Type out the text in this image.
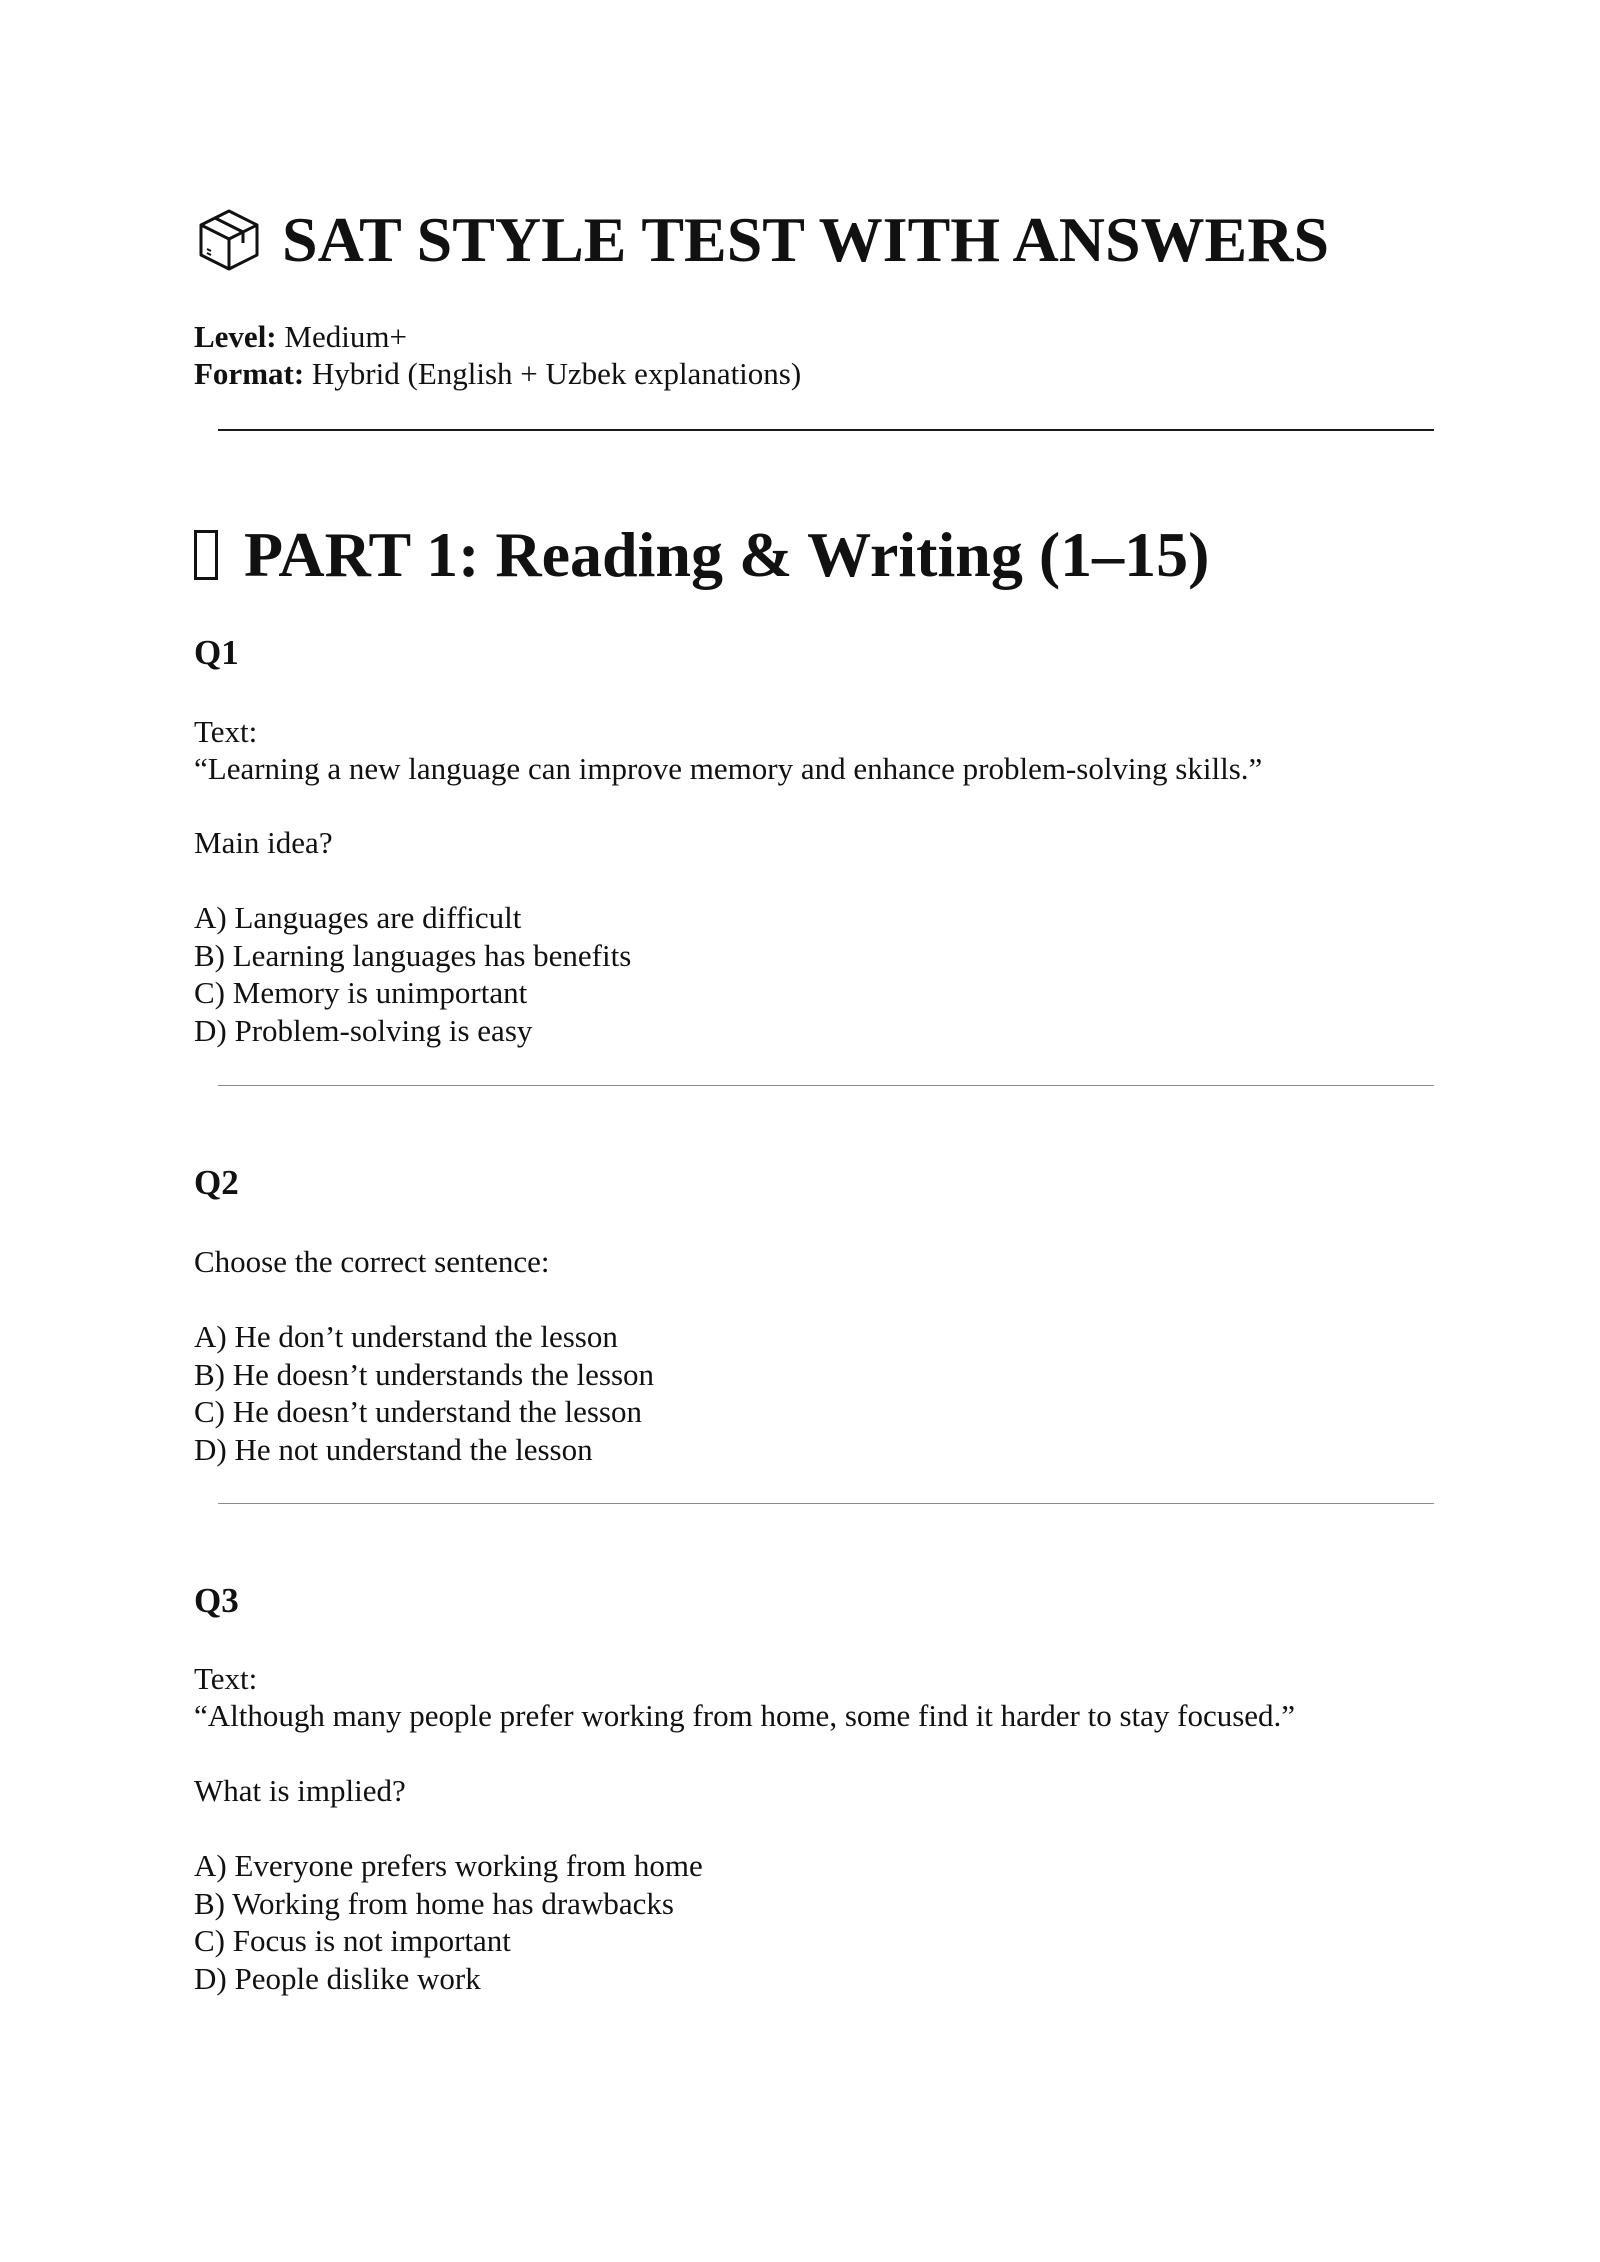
SAT STYLE TEST WITH ANSWERS
Level: Medium+
Format: Hybrid (English + Uzbek explanations)
PART 1: Reading & Writing (1–15)
Q1
Text:
“Learning a new language can improve memory and enhance problem-solving skills.”
Main idea?
A) Languages are difficult
B) Learning languages has benefits
C) Memory is unimportant
D) Problem-solving is easy
Q2
Choose the correct sentence:
A) He don’t understand the lesson
B) He doesn’t understands the lesson
C) He doesn’t understand the lesson
D) He not understand the lesson
Q3
Text:
“Although many people prefer working from home, some find it harder to stay focused.”
What is implied?
A) Everyone prefers working from home
B) Working from home has drawbacks
C) Focus is not important
D) People dislike work
